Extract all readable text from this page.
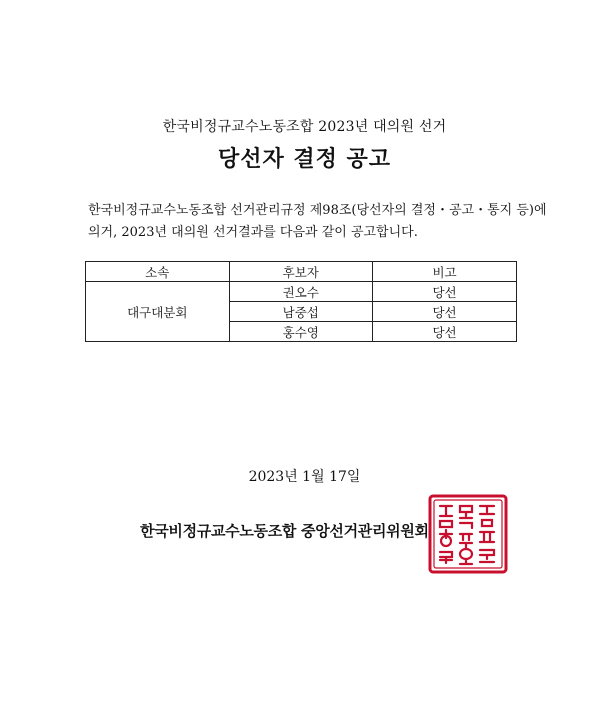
한국비정규교수노동조합 2023년 대의원 선거
당선자 결정 공고
한국비정규교수노동조합 선거관리규정 제98조(당선자의 결정・공고・통지 등)에
의거, 2023년 대의원 선거결과를 다음과 같이 공고합니다.
소속	후보자	비고
대구대분회	권오수	당선
	남중섭	당선
	홍수영	당선
2023년 1월 17일
한국비정규교수노동조합 중앙선거관리위원회
